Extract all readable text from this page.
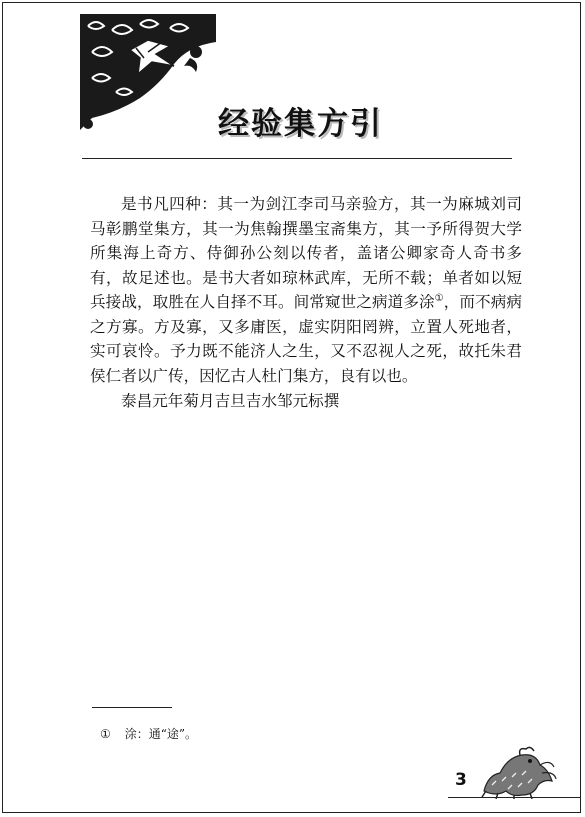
经验集方引

是书凡四种：其一为剑江李司马亲验方，其一为麻城刘司马彰鹏堂集方，其一为焦翰撰墨宝斋集方，其一予所得贺大学所集海上奇方、侍御孙公刻以传者，盖诸公卿家奇人奇书多有，故足述也。是书大者如琼林武库，无所不载；单者如以短兵接战，取胜在人自择不耳。间常窥世之病道多涂①，而不病病之方寡。方及寡，又多庸医，虚实阴阳罔辨，立置人死地者，实可哀怜。予力既不能济人之生，又不忍视人之死，故托朱君侯仁者以广传，因忆古人杜门集方，良有以也。

泰昌元年菊月吉旦吉水邹元标撰

① 涂：通“途”。
3
